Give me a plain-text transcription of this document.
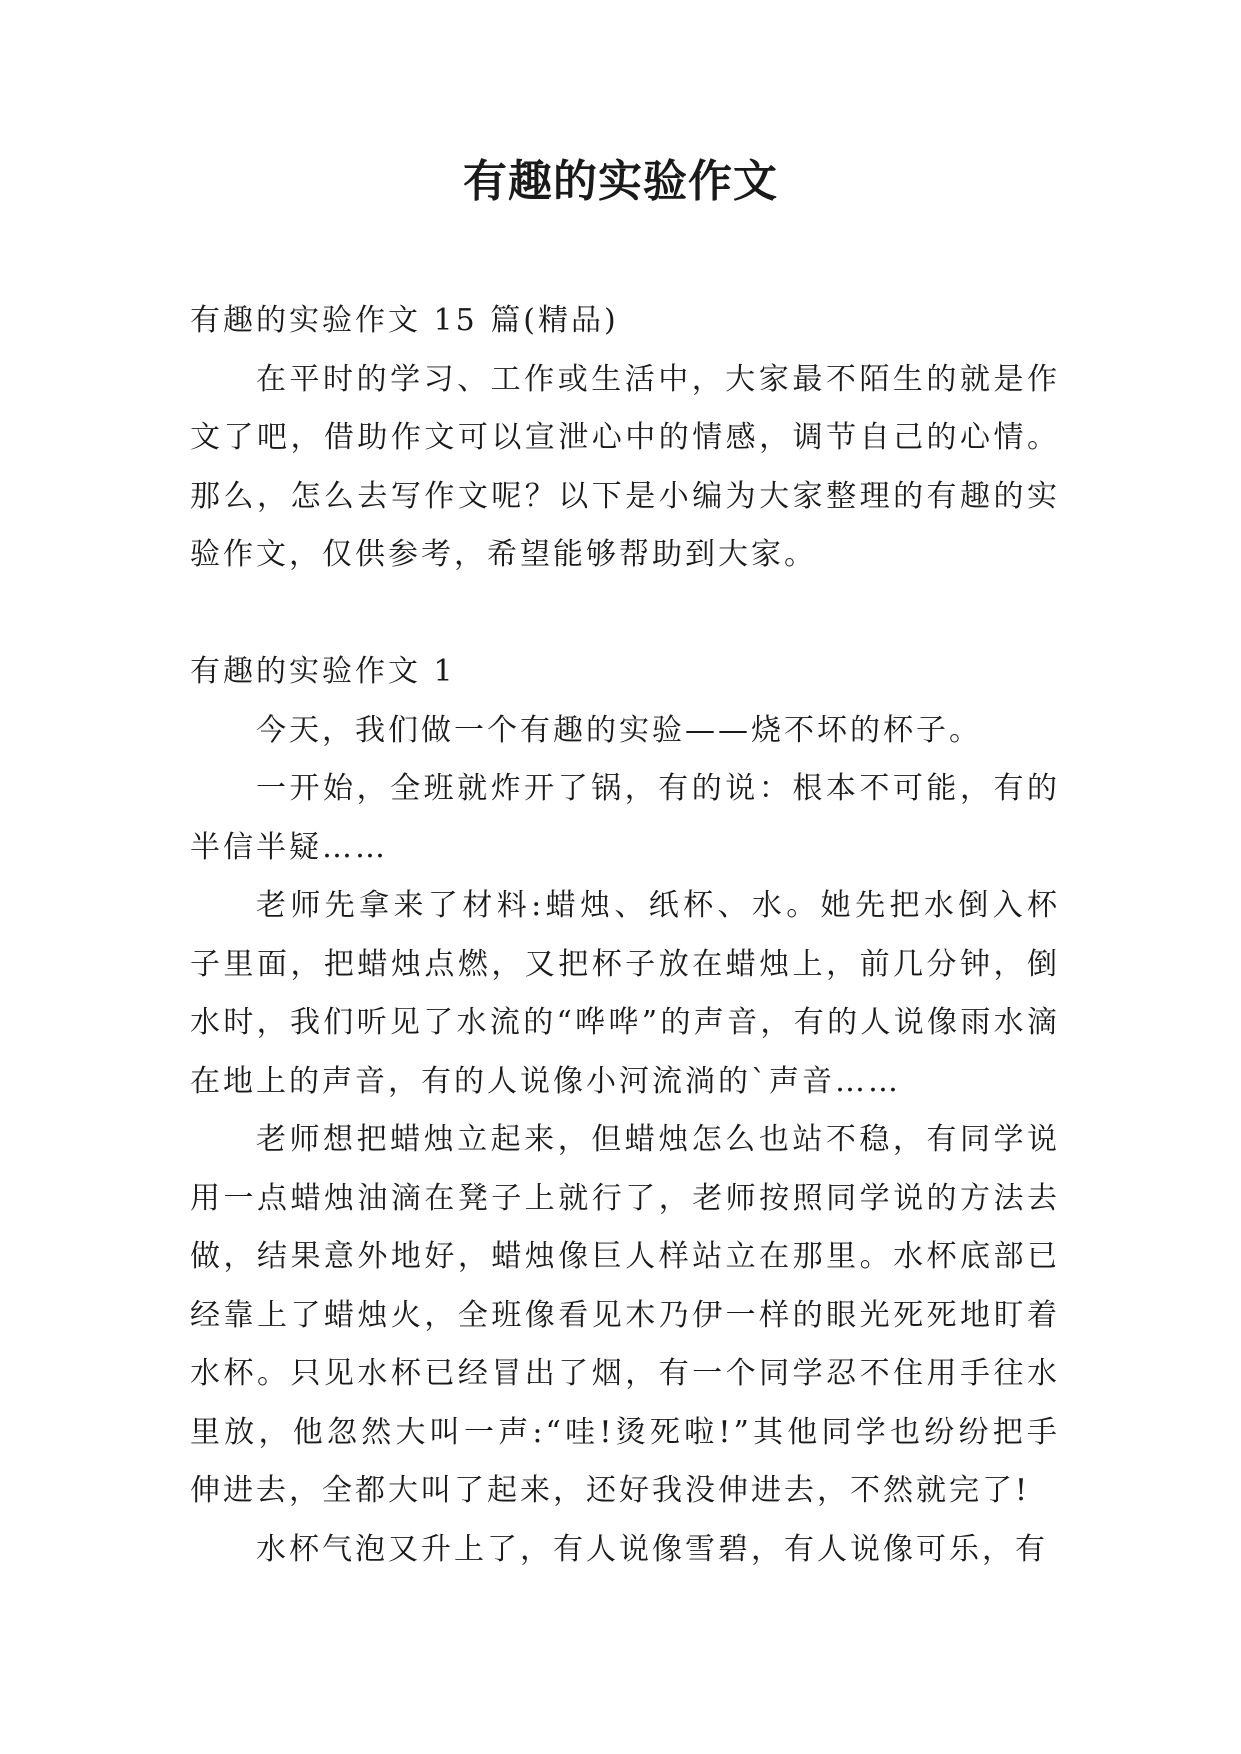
有趣的实验作文

有趣的实验作文 15 篇(精品)

在平时的学习、工作或生活中，大家最不陌生的就是作文了吧，借助作文可以宣泄心中的情感，调节自己的心情。那么，怎么去写作文呢？以下是小编为大家整理的有趣的实验作文，仅供参考，希望能够帮助到大家。

有趣的实验作文 1

今天，我们做一个有趣的实验——烧不坏的杯子。

一开始，全班就炸开了锅，有的说：根本不可能，有的半信半疑……

老师先拿来了材料:蜡烛、纸杯、水。她先把水倒入杯子里面，把蜡烛点燃，又把杯子放在蜡烛上，前几分钟，倒水时，我们听见了水流的“哗哗”的声音，有的人说像雨水滴在地上的声音，有的人说像小河流淌的`声音……

老师想把蜡烛立起来，但蜡烛怎么也站不稳，有同学说用一点蜡烛油滴在凳子上就行了，老师按照同学说的方法去做，结果意外地好，蜡烛像巨人样站立在那里。水杯底部已经靠上了蜡烛火，全班像看见木乃伊一样的眼光死死地盯着水杯。只见水杯已经冒出了烟，有一个同学忍不住用手往水里放，他忽然大叫一声:“哇!烫死啦!”其他同学也纷纷把手伸进去，全都大叫了起来，还好我没伸进去，不然就完了!

水杯气泡又升上了，有人说像雪碧，有人说像可乐，有
